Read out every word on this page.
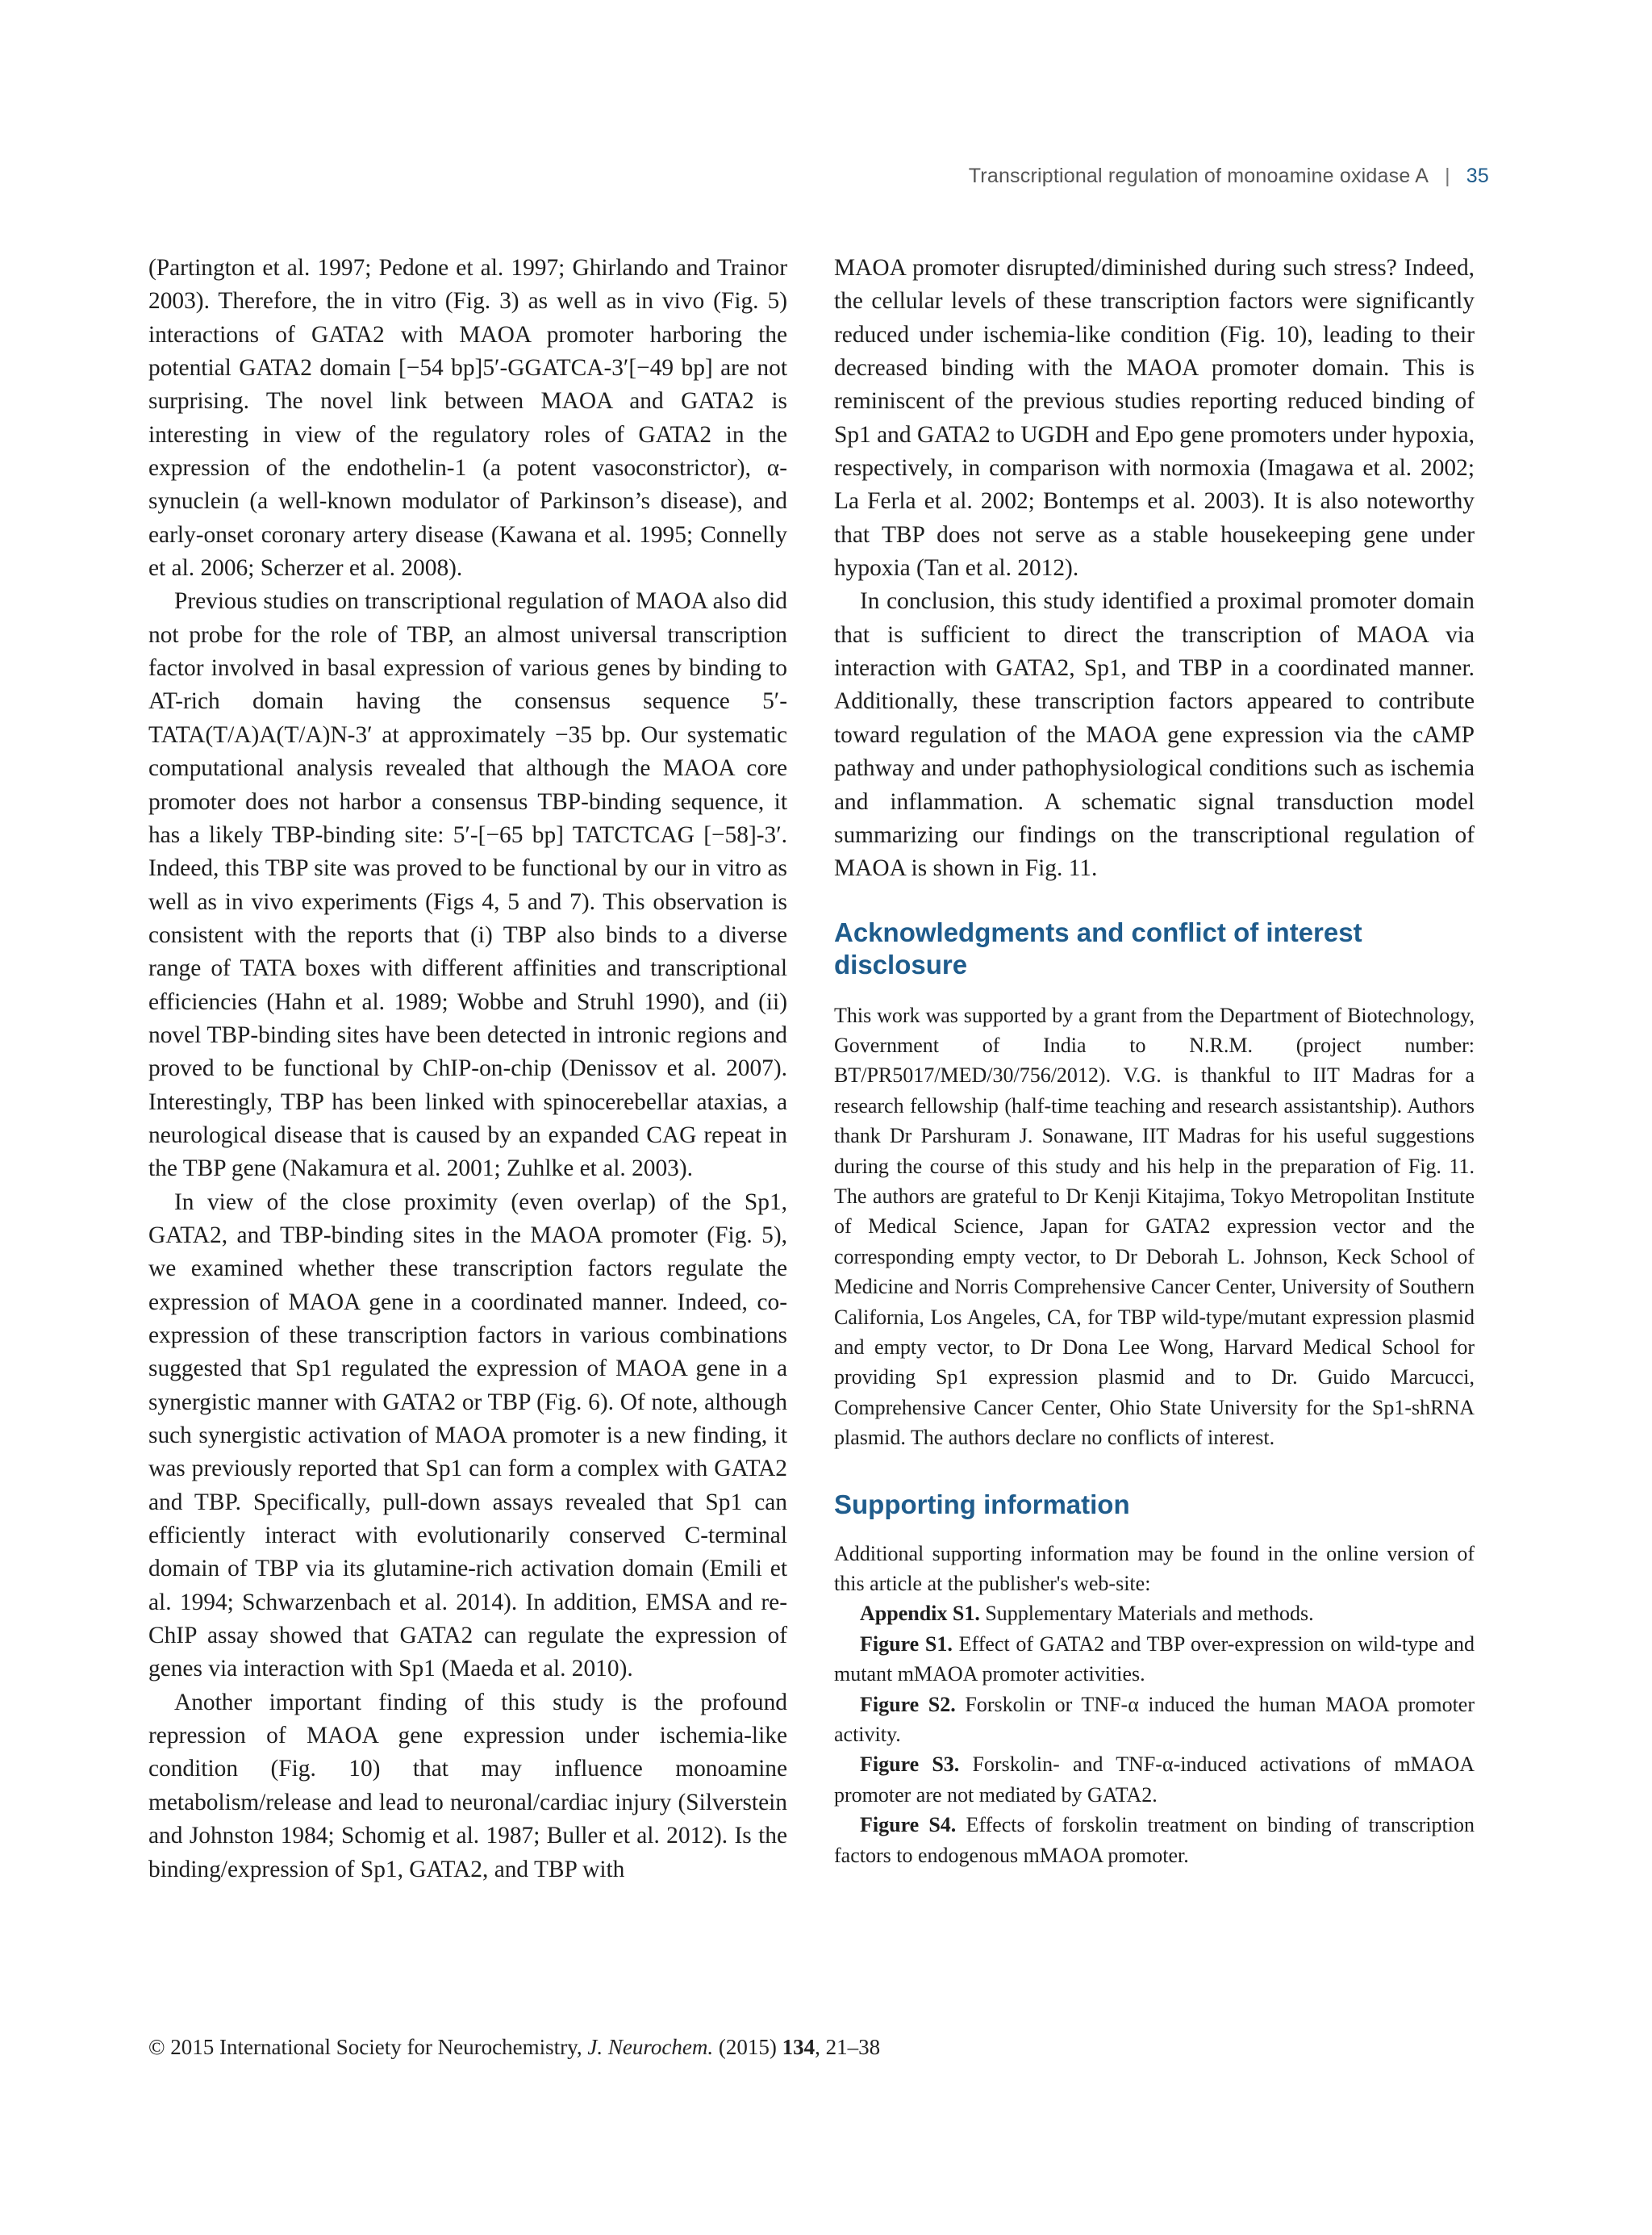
Transcriptional regulation of monoamine oxidase A | 35

(Partington et al. 1997; Pedone et al. 1997; Ghirlando and Trainor 2003). Therefore, the in vitro (Fig. 3) as well as in vivo (Fig. 5) interactions of GATA2 with MAOA promoter harboring the potential GATA2 domain [−54 bp]5′-GGATCA-3′[−49 bp] are not surprising. The novel link between MAOA and GATA2 is interesting in view of the regulatory roles of GATA2 in the expression of the endothelin-1 (a potent vasoconstrictor), α-synuclein (a well-known modulator of Parkinson’s disease), and early-onset coronary artery disease (Kawana et al. 1995; Connelly et al. 2006; Scherzer et al. 2008).

Previous studies on transcriptional regulation of MAOA also did not probe for the role of TBP, an almost universal transcription factor involved in basal expression of various genes by binding to AT-rich domain having the consensus sequence 5′-TATA(T/A)A(T/A)N-3′ at approximately −35 bp. Our systematic computational analysis revealed that although the MAOA core promoter does not harbor a consensus TBP-binding sequence, it has a likely TBP-binding site: 5′-[−65 bp] TATCTCAG [−58]-3′. Indeed, this TBP site was proved to be functional by our in vitro as well as in vivo experiments (Figs 4, 5 and 7). This observation is consistent with the reports that (i) TBP also binds to a diverse range of TATA boxes with different affinities and transcriptional efficiencies (Hahn et al. 1989; Wobbe and Struhl 1990), and (ii) novel TBP-binding sites have been detected in intronic regions and proved to be functional by ChIP-on-chip (Denissov et al. 2007). Interestingly, TBP has been linked with spinocerebellar ataxias, a neurological disease that is caused by an expanded CAG repeat in the TBP gene (Nakamura et al. 2001; Zuhlke et al. 2003).

In view of the close proximity (even overlap) of the Sp1, GATA2, and TBP-binding sites in the MAOA promoter (Fig. 5), we examined whether these transcription factors regulate the expression of MAOA gene in a coordinated manner. Indeed, co-expression of these transcription factors in various combinations suggested that Sp1 regulated the expression of MAOA gene in a synergistic manner with GATA2 or TBP (Fig. 6). Of note, although such synergistic activation of MAOA promoter is a new finding, it was previously reported that Sp1 can form a complex with GATA2 and TBP. Specifically, pull-down assays revealed that Sp1 can efficiently interact with evolutionarily conserved C-terminal domain of TBP via its glutamine-rich activation domain (Emili et al. 1994; Schwarzenbach et al. 2014). In addition, EMSA and re-ChIP assay showed that GATA2 can regulate the expression of genes via interaction with Sp1 (Maeda et al. 2010).

Another important finding of this study is the profound repression of MAOA gene expression under ischemia-like condition (Fig. 10) that may influence monoamine metabolism/release and lead to neuronal/cardiac injury (Silverstein and Johnston 1984; Schomig et al. 1987; Buller et al. 2012). Is the binding/expression of Sp1, GATA2, and TBP with

MAOA promoter disrupted/diminished during such stress? Indeed, the cellular levels of these transcription factors were significantly reduced under ischemia-like condition (Fig. 10), leading to their decreased binding with the MAOA promoter domain. This is reminiscent of the previous studies reporting reduced binding of Sp1 and GATA2 to UGDH and Epo gene promoters under hypoxia, respectively, in comparison with normoxia (Imagawa et al. 2002; La Ferla et al. 2002; Bontemps et al. 2003). It is also noteworthy that TBP does not serve as a stable housekeeping gene under hypoxia (Tan et al. 2012).

In conclusion, this study identified a proximal promoter domain that is sufficient to direct the transcription of MAOA via interaction with GATA2, Sp1, and TBP in a coordinated manner. Additionally, these transcription factors appeared to contribute toward regulation of the MAOA gene expression via the cAMP pathway and under pathophysiological conditions such as ischemia and inflammation. A schematic signal transduction model summarizing our findings on the transcriptional regulation of MAOA is shown in Fig. 11.

Acknowledgments and conflict of interest disclosure

This work was supported by a grant from the Department of Biotechnology, Government of India to N.R.M. (project number: BT/PR5017/MED/30/756/2012). V.G. is thankful to IIT Madras for a research fellowship (half-time teaching and research assistantship). Authors thank Dr Parshuram J. Sonawane, IIT Madras for his useful suggestions during the course of this study and his help in the preparation of Fig. 11. The authors are grateful to Dr Kenji Kitajima, Tokyo Metropolitan Institute of Medical Science, Japan for GATA2 expression vector and the corresponding empty vector, to Dr Deborah L. Johnson, Keck School of Medicine and Norris Comprehensive Cancer Center, University of Southern California, Los Angeles, CA, for TBP wild-type/mutant expression plasmid and empty vector, to Dr Dona Lee Wong, Harvard Medical School for providing Sp1 expression plasmid and to Dr. Guido Marcucci, Comprehensive Cancer Center, Ohio State University for the Sp1-shRNA plasmid. The authors declare no conflicts of interest.

Supporting information

Additional supporting information may be found in the online version of this article at the publisher's web-site:

Appendix S1. Supplementary Materials and methods.

Figure S1. Effect of GATA2 and TBP over-expression on wild-type and mutant mMAOA promoter activities.

Figure S2. Forskolin or TNF-α induced the human MAOA promoter activity.

Figure S3. Forskolin- and TNF-α-induced activations of mMAOA promoter are not mediated by GATA2.

Figure S4. Effects of forskolin treatment on binding of transcription factors to endogenous mMAOA promoter.

© 2015 International Society for Neurochemistry, J. Neurochem. (2015) 134, 21–38
